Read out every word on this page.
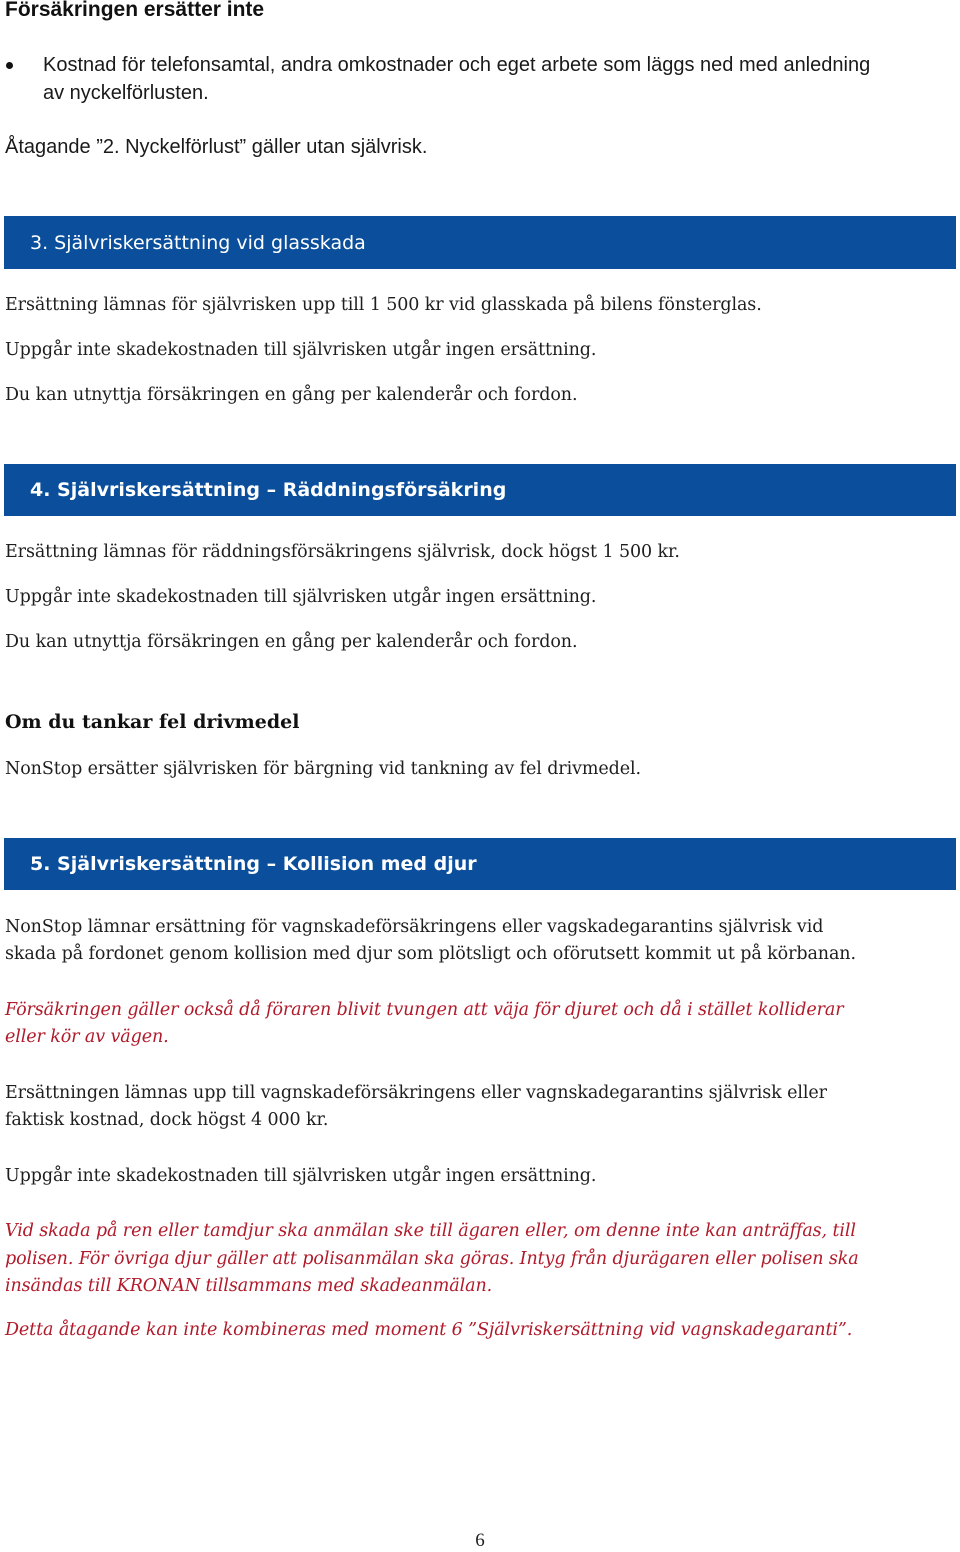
Försäkringen ersätter inte
Kostnad för telefonsamtal, andra omkostnader och eget arbete som läggs ned med anledning
av nyckelförlusten.
Åtagande ”2. Nyckelförlust” gäller utan självrisk.
3. Självriskersättning vid glasskada
Ersättning lämnas för självrisken upp till 1 500 kr vid glasskada på bilens fönsterglas.
Uppgår inte skadekostnaden till självrisken utgår ingen ersättning.
Du kan utnyttja försäkringen en gång per kalenderår och fordon.
4. Självriskersättning – Räddningsförsäkring
Ersättning lämnas för räddningsförsäkringens självrisk, dock högst 1 500 kr.
Uppgår inte skadekostnaden till självrisken utgår ingen ersättning.
Du kan utnyttja försäkringen en gång per kalenderår och fordon.
Om du tankar fel drivmedel
NonStop ersätter självrisken för bärgning vid tankning av fel drivmedel.
5. Självriskersättning – Kollision med djur
NonStop lämnar ersättning för vagnskadeförsäkringens eller vagskadegarantins självrisk vid
skada på fordonet genom kollision med djur som plötsligt och oförutsett kommit ut på körbanan.
Försäkringen gäller också då föraren blivit tvungen att väja för djuret och då i stället kolliderar
eller kör av vägen.
Ersättningen lämnas upp till vagnskadeförsäkringens eller vagnskadegarantins självrisk eller
faktisk kostnad, dock högst 4 000 kr.
Uppgår inte skadekostnaden till självrisken utgår ingen ersättning.
Vid skada på ren eller tamdjur ska anmälan ske till ägaren eller, om denne inte kan anträffas, till
polisen. För övriga djur gäller att polisanmälan ska göras. Intyg från djurägaren eller polisen ska
insändas till KRONAN tillsammans med skadeanmälan.
Detta åtagande kan inte kombineras med moment 6 ”Självriskersättning vid vagnskadegaranti”.
6
